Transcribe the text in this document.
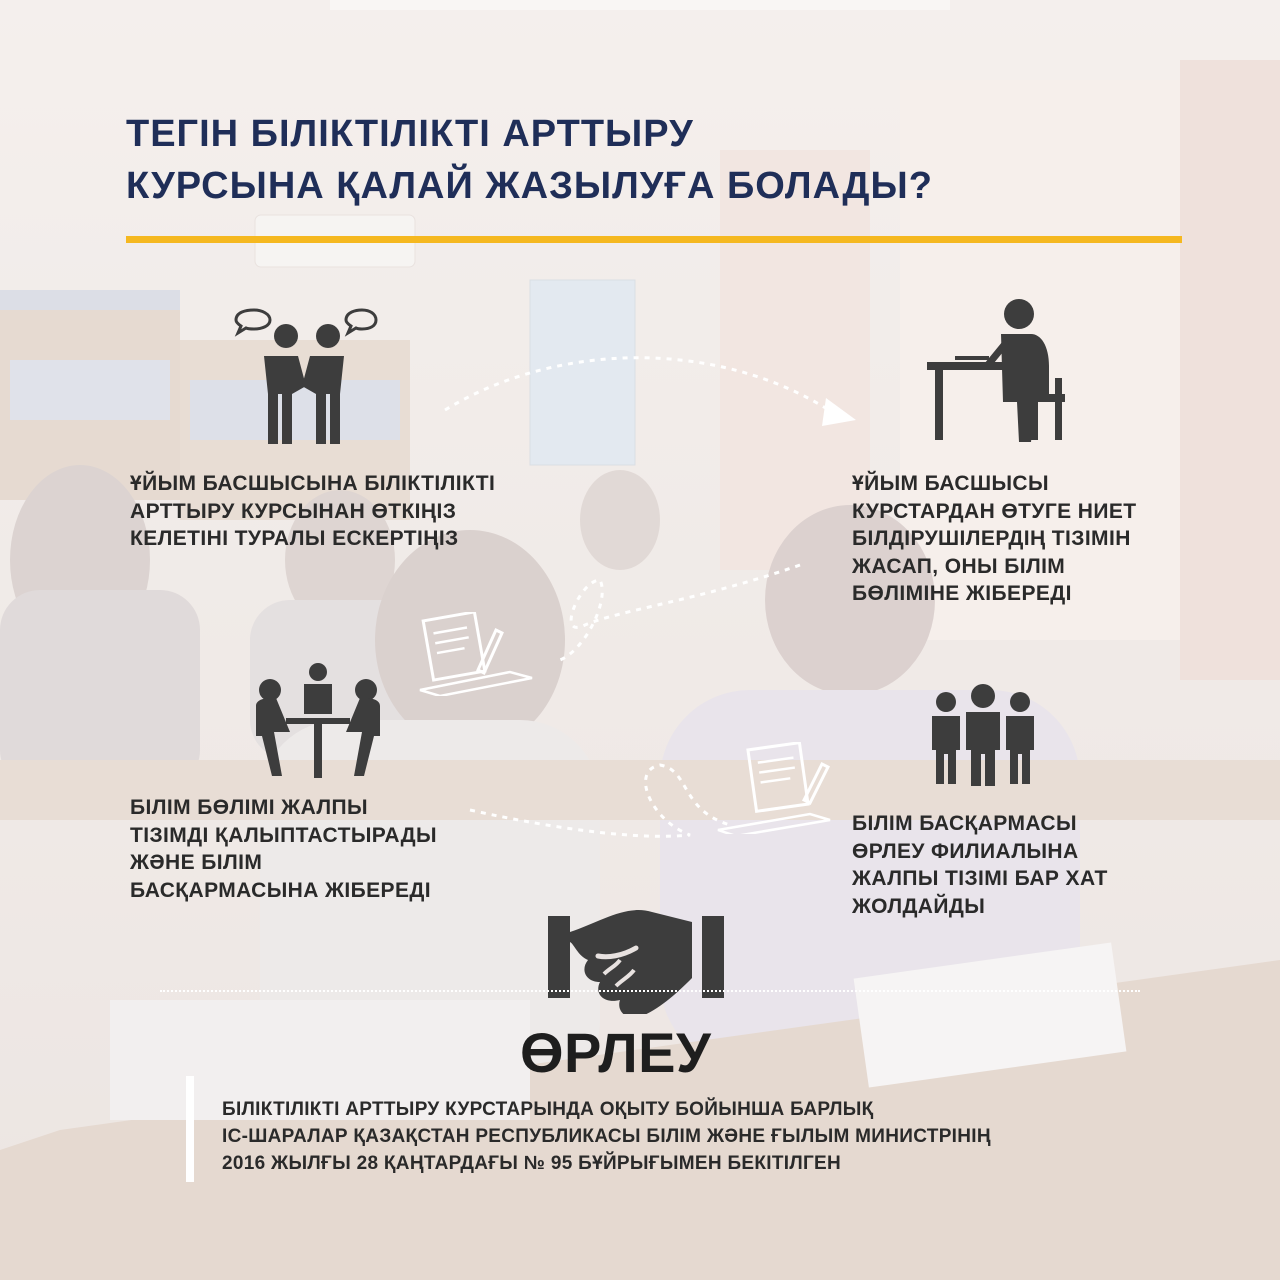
ТЕГІН БІЛІКТІЛІКТІ АРТТЫРУ
КУРСЫНА ҚАЛАЙ ЖАЗЫЛУҒА БОЛАДЫ?
ҰЙЫМ БАСШЫСЫНА БІЛІКТІЛІКТІ
АРТТЫРУ КУРСЫНАН ӨТКІҢІЗ
КЕЛЕТІНІ ТУРАЛЫ ЕСКЕРТІҢІЗ
ҰЙЫМ БАСШЫСЫ
КУРСТАРДАН ӨТУГЕ НИЕТ
БІЛДІРУШІЛЕРДІҢ ТІЗІМІН
ЖАСАП, ОНЫ БІЛІМ
БӨЛІМІНЕ ЖІБЕРЕДІ
БІЛІМ БӨЛІМІ ЖАЛПЫ
ТІЗІМДІ ҚАЛЫПТАСТЫРАДЫ
ЖӘНЕ БІЛІМ
БАСҚАРМАСЫНА ЖІБЕРЕДІ
БІЛІМ БАСҚАРМАСЫ
ӨРЛЕУ ФИЛИАЛЫНА
ЖАЛПЫ ТІЗІМІ БАР ХАТ
ЖОЛДАЙДЫ
ӨРЛЕУ
БІЛІКТІЛІКТІ АРТТЫРУ КУРСТАРЫНДА ОҚЫТУ БОЙЫНША БАРЛЫҚ
ІС-ШАРАЛАР ҚАЗАҚСТАН РЕСПУБЛИКАСЫ БІЛІМ ЖӘНЕ ҒЫЛЫМ МИНИСТРІНІҢ
2016 ЖЫЛҒЫ 28 ҚАҢТАРДАҒЫ № 95 БҰЙРЫҒЫМЕН БЕКІТІЛГЕН
